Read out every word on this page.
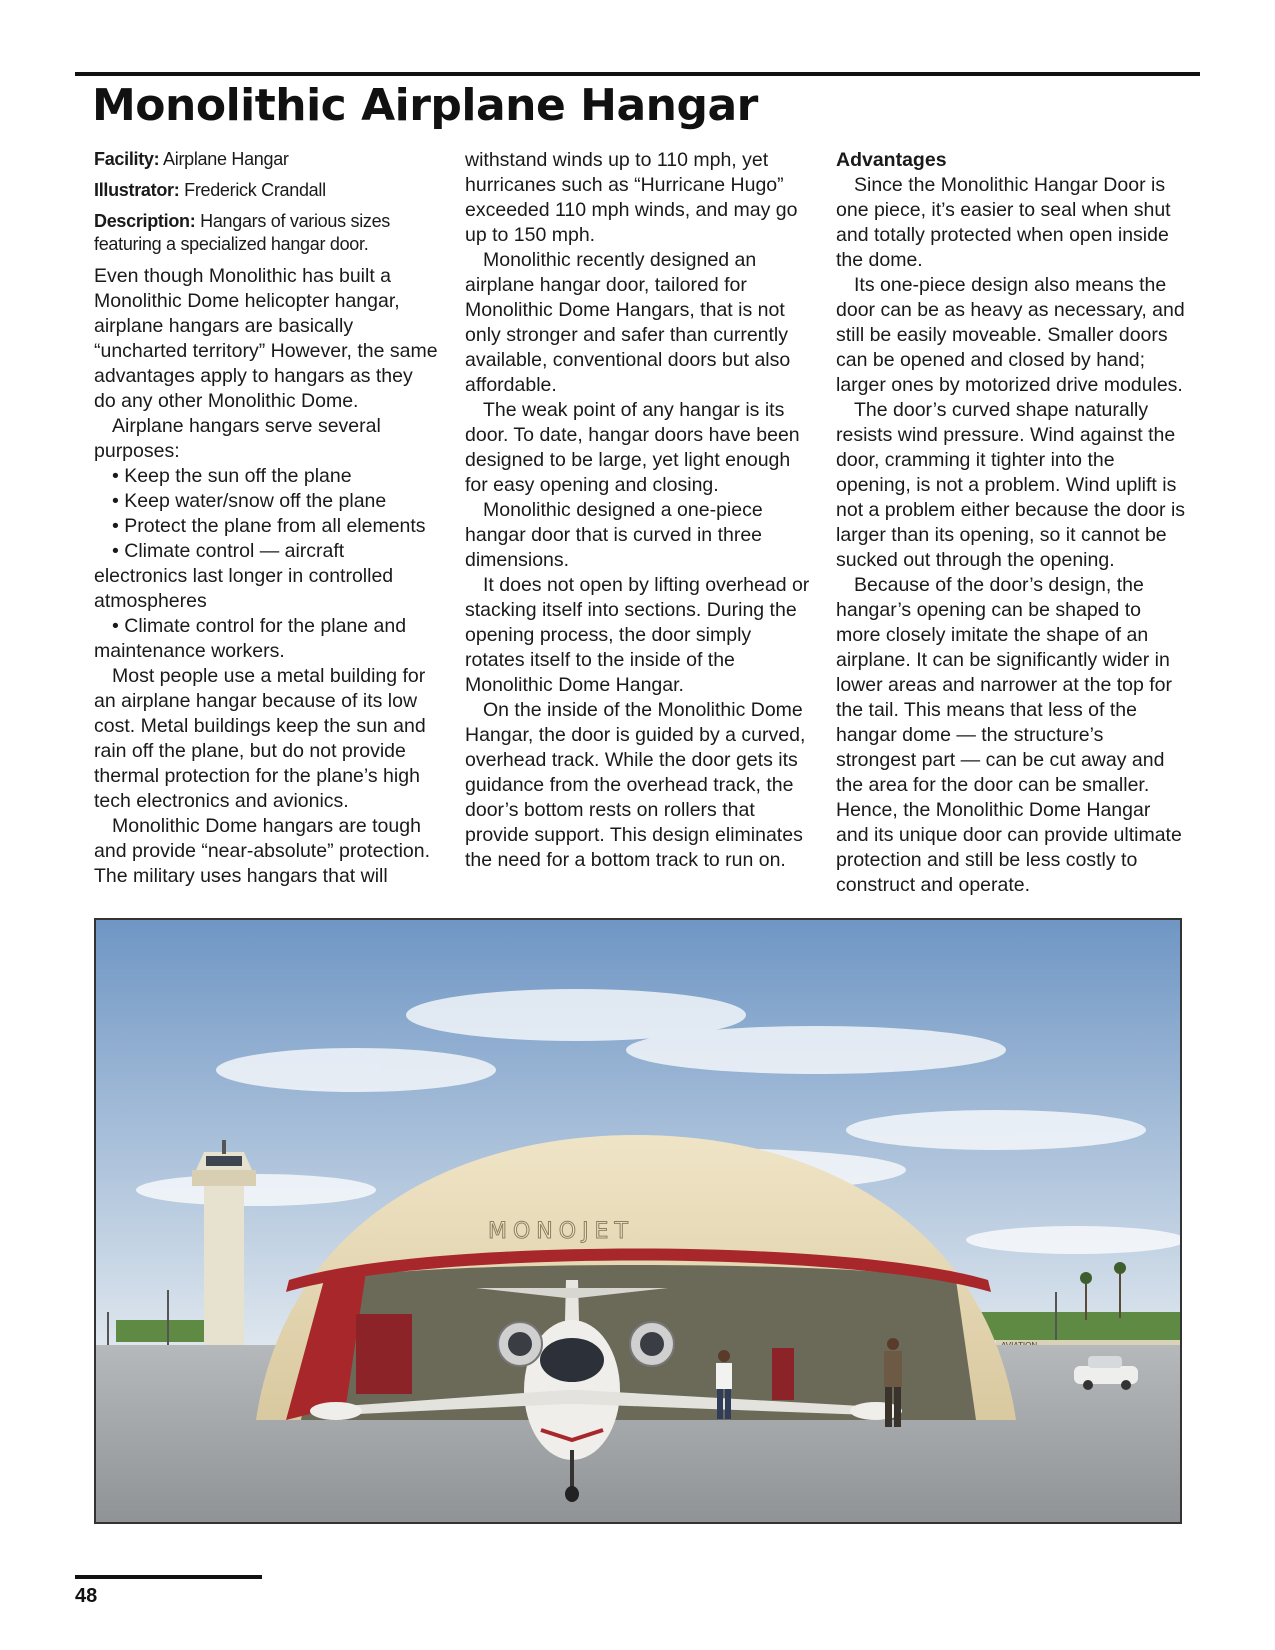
Monolithic Airplane Hangar

Facility: Airplane Hangar

Illustrator: Frederick Crandall

Description: Hangars of various sizes featuring a specialized hangar door.

Even though Monolithic has built a Monolithic Dome helicopter hangar, airplane hangars are basically “uncharted territory” However, the same advantages apply to hangars as they do any other Monolithic Dome.

Airplane hangars serve several purposes:

• Keep the sun off the plane

• Keep water/snow off the plane

• Protect the plane from all elements

• Climate control — aircraft electronics last longer in controlled atmospheres

• Climate control for the plane and maintenance workers.

Most people use a metal building for an airplane hangar because of its low cost. Metal buildings keep the sun and rain off the plane, but do not provide thermal protection for the plane’s high tech electronics and avionics.

Monolithic Dome hangars are tough and provide “near-absolute” protection. The military uses hangars that will

withstand winds up to 110 mph, yet hurricanes such as “Hurricane Hugo” exceeded 110 mph winds, and may go up to 150 mph.

Monolithic recently designed an airplane hangar door, tailored for Monolithic Dome Hangars, that is not only stronger and safer than currently available, conventional doors but also affordable.

The weak point of any hangar is its door. To date, hangar doors have been designed to be large, yet light enough for easy opening and closing.

Monolithic designed a one-piece hangar door that is curved in three dimensions.

It does not open by lifting overhead or stacking itself into sections. During the opening process, the door simply rotates itself to the inside of the Monolithic Dome Hangar.

On the inside of the Monolithic Dome Hangar, the door is guided by a curved, overhead track. While the door gets its guidance from the overhead track, the door’s bottom rests on rollers that provide support. This design eliminates the need for a bottom track to run on.

Advantages

Since the Monolithic Hangar Door is one piece, it’s easier to seal when shut and totally protected when open inside the dome.

Its one-piece design also means the door can be as heavy as necessary, and still be easily moveable. Smaller doors can be opened and closed by hand; larger ones by motorized drive modules.

The door’s curved shape naturally resists wind pressure. Wind against the door, cramming it tighter into the opening, is not a problem. Wind uplift is not a problem either because the door is larger than its opening, so it cannot be sucked out through the opening.

Because of the door’s design, the hangar’s opening can be shaped to more closely imitate the shape of an airplane. It can be significantly wider in lower areas and narrower at the top for the tail. This means that less of the hangar dome — the structure’s strongest part — can be cut away and the area for the door can be smaller. Hence, the Monolithic Dome Hangar and its unique door can provide ultimate protection and still be less costly to construct and operate.

MONOJET
48
